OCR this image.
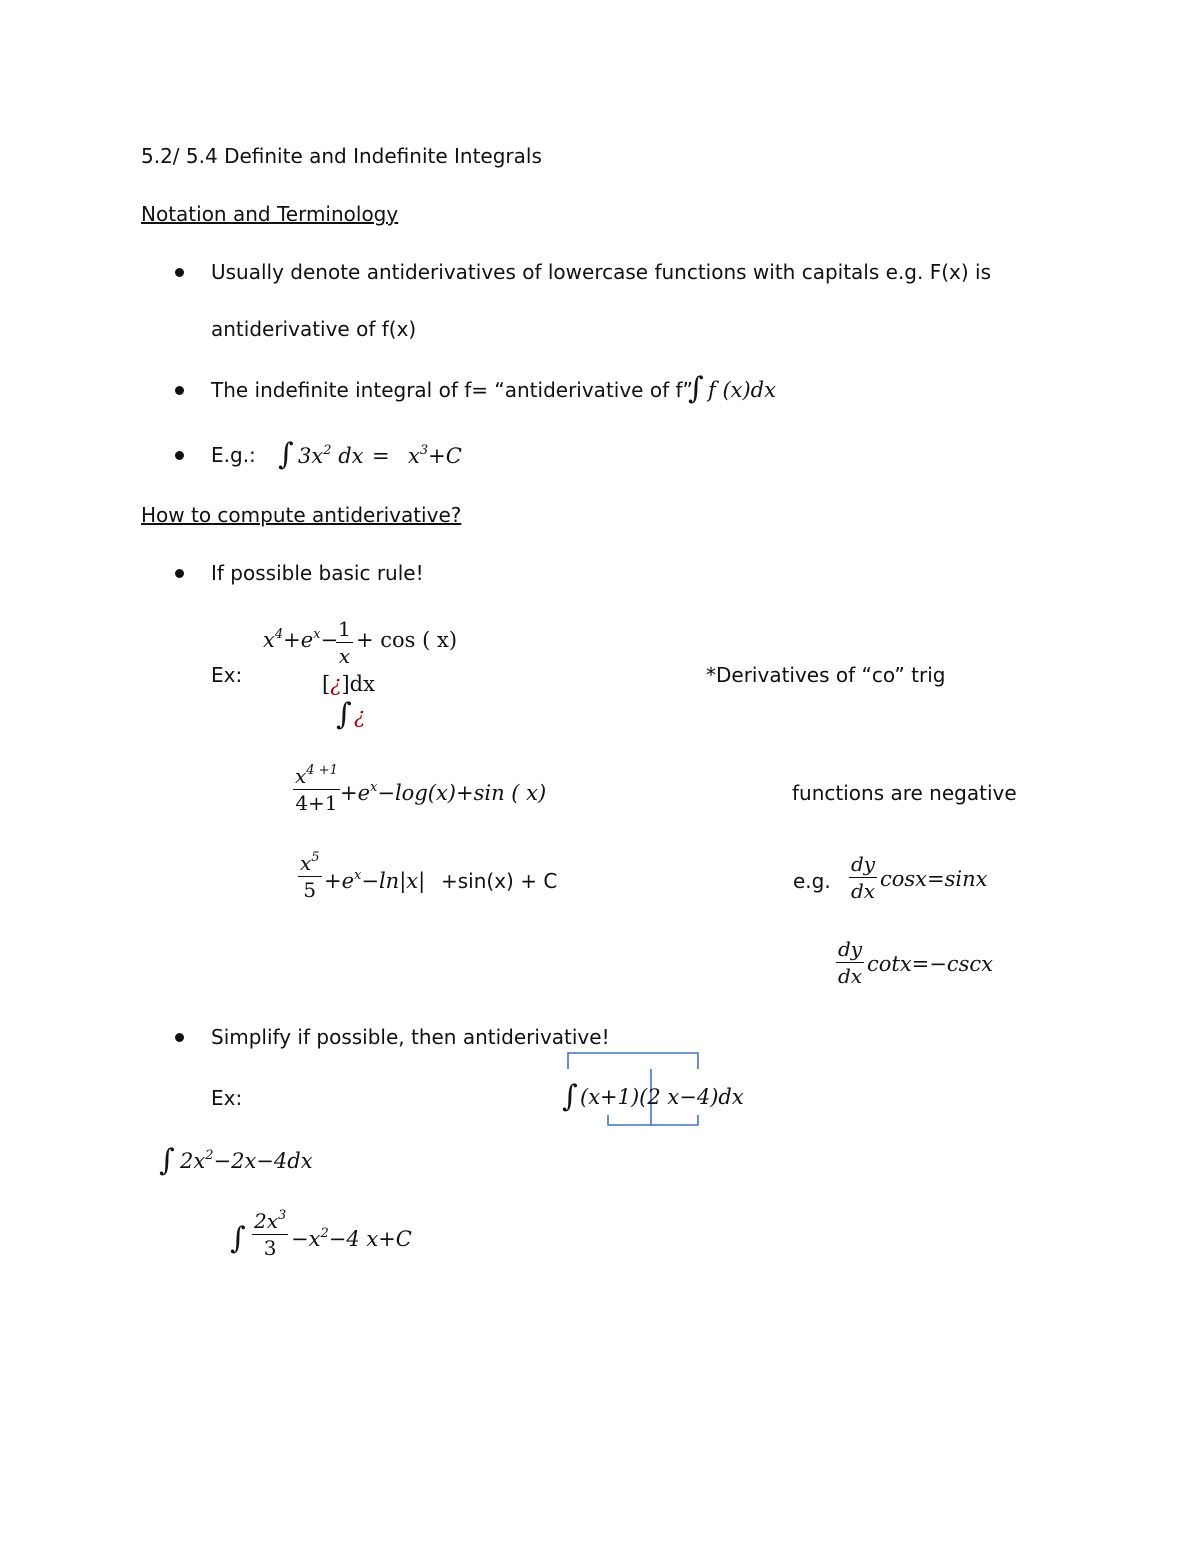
5.2/ 5.4 Definite and Indefinite Integrals
Notation and Terminology
Usually denote antiderivatives of lowercase functions with capitals e.g. F(x) is
antiderivative of f(x)
The indefinite integral of f= “antiderivative of f”
∫ f (x)dx
E.g.: ∫ $3x^2$ dx = $x^3+C$
How to compute antiderivative?
If possible basic rule!
Ex:
$x^4+e^x-$
$\frac{1}{x} + \cos$ ( x)
[¿]dx
∫ ¿
*Derivatives of “co” trig
$\frac{x^{4 +1}}{4+1} +e^x-\log(x)+\sin$ ( x)	functions are negative
$\frac{x^5}{5} +e^x-\ln|x| +\sin(x) + C$	e.g. $\frac{dy}{dx} \cos x=\sin x$
$\frac{dy}{dx} \cot x=-\csc x$
Simplify if possible, then antiderivative!
Ex:	∫ (x+1)(2 x−4)dx
∫ $2x^2-2x-4dx$
∫ $\frac{2x^3}{3} -x^2-4$ x+C
